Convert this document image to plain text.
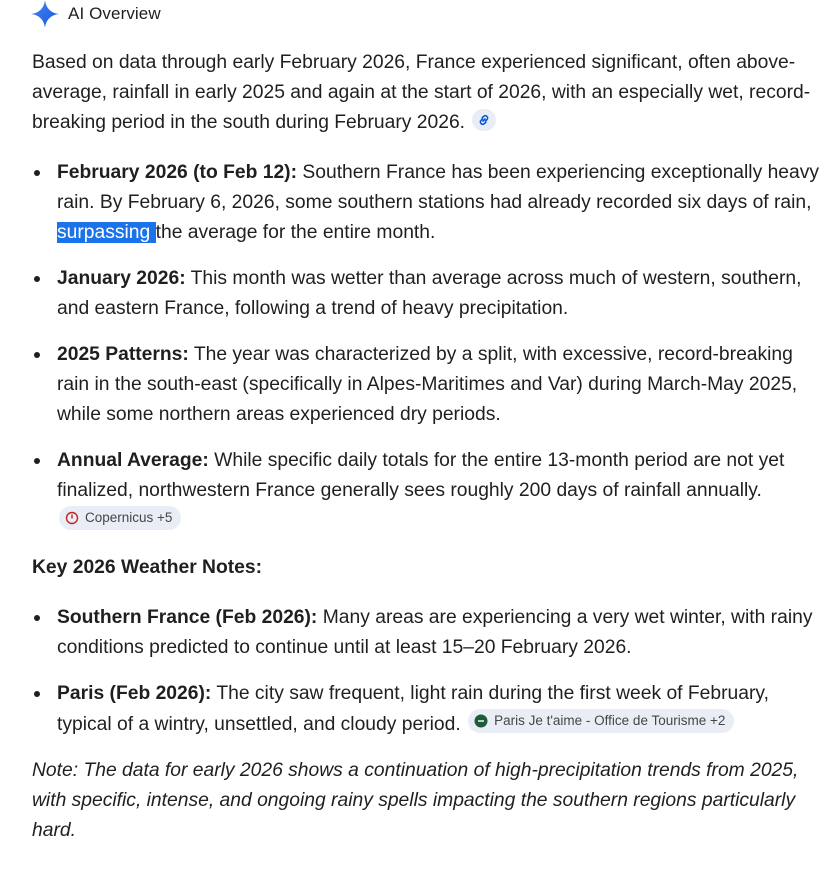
AI Overview

Based on data through early February 2026, France experienced significant, often above-average, rainfall in early 2025 and again at the start of 2026, with an especially wet, record-breaking period in the south during February 2026.

February 2026 (to Feb 12): Southern France has been experiencing exceptionally heavy rain. By February 6, 2026, some southern stations had already recorded six days of rain, surpassing the average for the entire month.
January 2026: This month was wetter than average across much of western, southern, and eastern France, following a trend of heavy precipitation.
2025 Patterns: The year was characterized by a split, with excessive, record-breaking rain in the south-east (specifically in Alpes-Maritimes and Var) during March-May 2025, while some northern areas experienced dry periods.
Annual Average: While specific daily totals for the entire 13-month period are not yet finalized, northwestern France generally sees roughly 200 days of rainfall annually.
Copernicus +5

Key 2026 Weather Notes:

Southern France (Feb 2026): Many areas are experiencing a very wet winter, with rainy conditions predicted to continue until at least 15–20 February 2026.
Paris (Feb 2026): The city saw frequent, light rain during the first week of February, typical of a wintry, unsettled, and cloudy period. Paris Je t'aime - Office de Tourisme +2

Note: The data for early 2026 shows a continuation of high-precipitation trends from 2025, with specific, intense, and ongoing rainy spells impacting the southern regions particularly hard.
